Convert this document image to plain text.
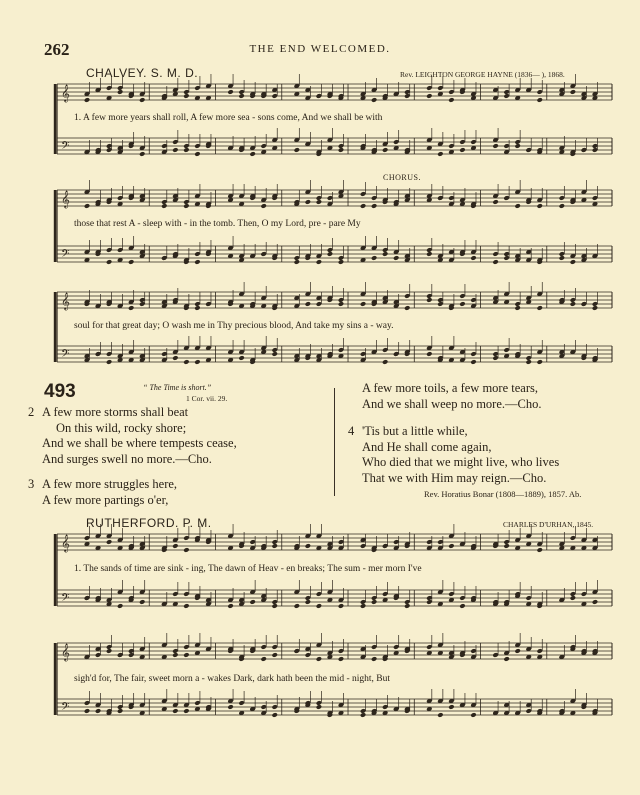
𝄞
𝄢
𝄞
𝄢
𝄞
𝄢
𝄞
𝄢
𝄞
𝄢
262	THE END WELCOMED.
CHALVEY. S. M. D.	Rev. LEIGHTON GEORGE HAYNE (1836— ), 1868.
1. A few more years shall roll, A few more sea - sons come, And we shall be with
CHORUS.
those that rest A - sleep with - in the tomb. Then, O my Lord, pre - pare My
soul for that great day; O wash me in Thy precious blood, And take my sins a - way.
493	“ The Time is short.”
1 Cor. vii. 29.
2 A few more storms shall beat
On this wild, rocky shore;
And we shall be where tempests cease,
And surges swell no more.—Cho.
3 A few more struggles here,
A few more partings o'er,
A few more toils, a few more tears,
And we shall weep no more.—Cho.
4 'Tis but a little while,
And He shall come again,
Who died that we might live, who lives
That we with Him may reign.—Cho.
Rev. Horatius Bonar (1808—1889), 1857. Ab.
RUTHERFORD. P. M.	CHARLES D'URHAN, 1845.
1. The sands of time are sink - ing, The dawn of Heav - en breaks; The sum - mer morn I've
sigh'd for, The fair, sweet morn a - wakes Dark, dark hath been the mid - night, But
